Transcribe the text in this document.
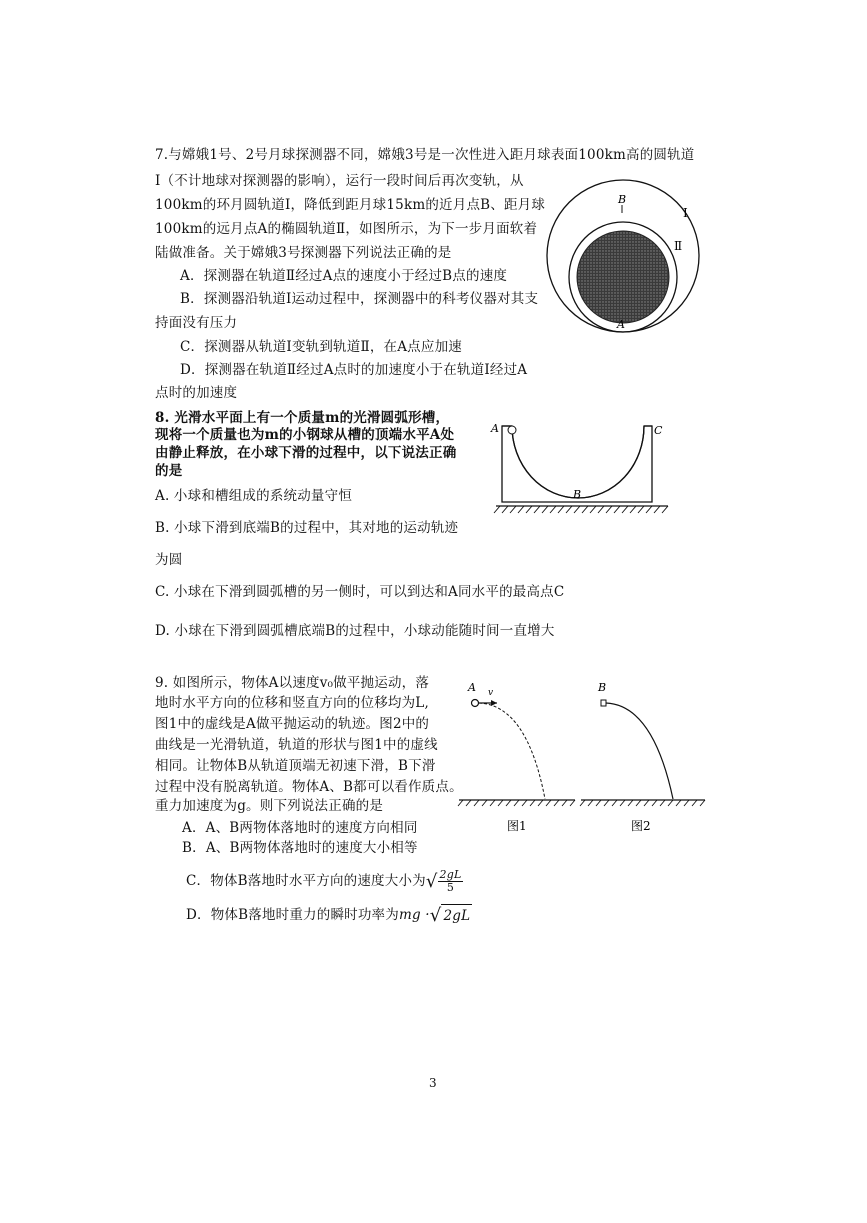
7.与嫦娥1号、2号月球探测器不同，嫦娥3号是一次性进入距月球表面100km高的圆轨道
Ⅰ（不计地球对探测器的影响），运行一段时间后再次变轨，从
100km的环月圆轨道Ⅰ，降低到距月球15km的近月点B、距月球
100km的远月点A的椭圆轨道Ⅱ，如图所示，为下一步月面软着
陆做准备。关于嫦娥3号探测器下列说法正确的是
A．探测器在轨道Ⅱ经过A点的速度小于经过B点的速度
B．探测器沿轨道Ⅰ运动过程中，探测器中的科考仪器对其支
持面没有压力
C．探测器从轨道Ⅰ变轨到轨道Ⅱ，在A点应加速
D．探测器在轨道Ⅱ经过A点时的加速度小于在轨道Ⅰ经过A
点时的加速度
B
A
Ⅰ
Ⅱ
8. 光滑水平面上有一个质量m的光滑圆弧形槽，
现将一个质量也为m的小钢球从槽的顶端水平A处
由静止释放，在小球下滑的过程中，以下说法正确
的是
A. 小球和槽组成的系统动量守恒
B. 小球下滑到底端B的过程中，其对地的运动轨迹
为圆
C. 小球在下滑到圆弧槽的另一侧时，可以到达和A同水平的最高点C
D. 小球在下滑到圆弧槽底端B的过程中，小球动能随时间一直增大
A
B
C
9. 如图所示，物体A以速度v₀做平抛运动，落
地时水平方向的位移和竖直方向的位移均为L,
图1中的虚线是A做平抛运动的轨迹。图2中的
曲线是一光滑轨道，轨道的形状与图1中的虚线
相同。让物体B从轨道顶端无初速下滑，B下滑
过程中没有脱离轨道。物体A、B都可以看作质点。
重力加速度为g。则下列说法正确的是
A．A、B两物体落地时的速度方向相同
B．A、B两物体落地时的速度大小相等
C．物体B落地时水平方向的速度大小为√ $\frac{2gL}{5}$
D．物体B落地时重力的瞬时功率为mg ·√ 2gL
A v
图1
B
图2
3
